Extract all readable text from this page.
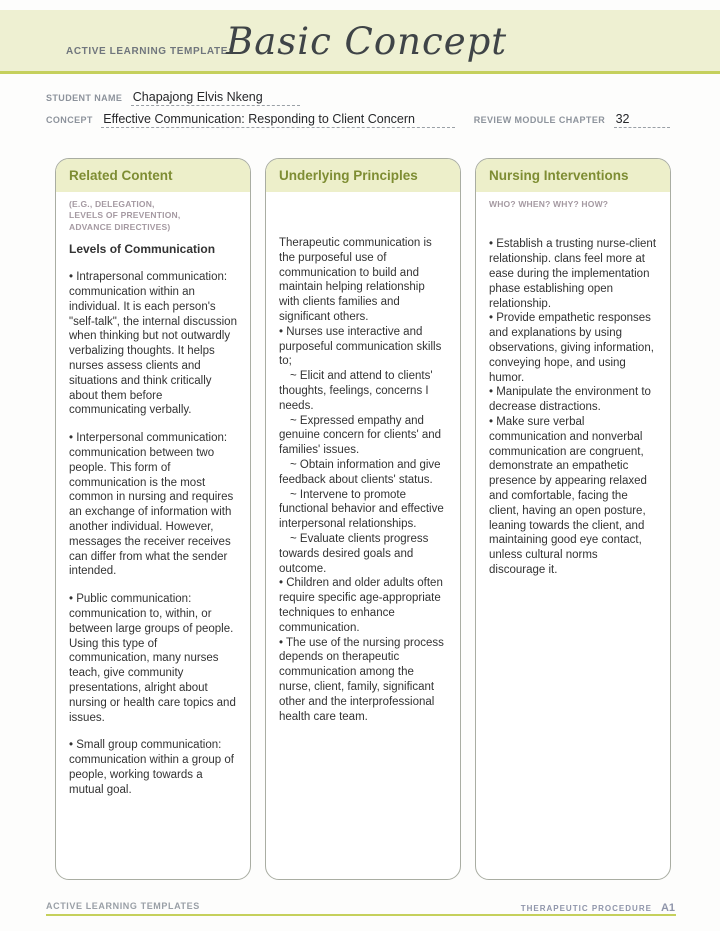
ACTIVE LEARNING TEMPLATE:
Basic Concept
STUDENT NAME Chapajong Elvis Nkeng
CONCEPT Effective Communication: Responding to Client Concern	REVIEW MODULE CHAPTER 32
Related Content
(E.G., DELEGATION,
LEVELS OF PREVENTION,
ADVANCE DIRECTIVES)

Levels of Communication

• Intrapersonal communication: communication within an individual. It is each person's "self-talk", the internal discussion when thinking but not outwardly verbalizing thoughts. It helps nurses assess clients and situations and think critically about them before communicating verbally.

• Interpersonal communication: communication between two people. This form of communication is the most common in nursing and requires an exchange of information with another individual. However, messages the receiver receives can differ from what the sender intended.

• Public communication: communication to, within, or between large groups of people. Using this type of communication, many nurses teach, give community presentations, alright about nursing or health care topics and issues.

• Small group communication: communication within a group of people, working towards a mutual goal.

Underlying Principles

Therapeutic communication is the purposeful use of communication to build and maintain helping relationship with clients families and significant others.

• Nurses use interactive and purposeful communication skills to;

~ Elicit and attend to clients' thoughts, feelings, concerns I needs.

~ Expressed empathy and genuine concern for clients' and families' issues.

~ Obtain information and give feedback about clients' status.

~ Intervene to promote functional behavior and effective interpersonal relationships.

~ Evaluate clients progress towards desired goals and outcome.

• Children and older adults often require specific age-appropriate techniques to enhance communication.

• The use of the nursing process depends on therapeutic communication among the nurse, client, family, significant other and the interprofessional health care team.

Nursing Interventions
WHO? WHEN? WHY? HOW?

• Establish a trusting nurse-client relationship. clans feel more at ease during the implementation phase establishing open relationship.

• Provide empathetic responses and explanations by using observations, giving information, conveying hope, and using humor.

• Manipulate the environment to decrease distractions.

• Make sure verbal communication and nonverbal communication are congruent, demonstrate an empathetic presence by appearing relaxed and comfortable, facing the client, having an open posture, leaning towards the client, and maintaining good eye contact, unless cultural norms discourage it.

ACTIVE LEARNING TEMPLATES	THERAPEUTIC PROCEDURE A1
